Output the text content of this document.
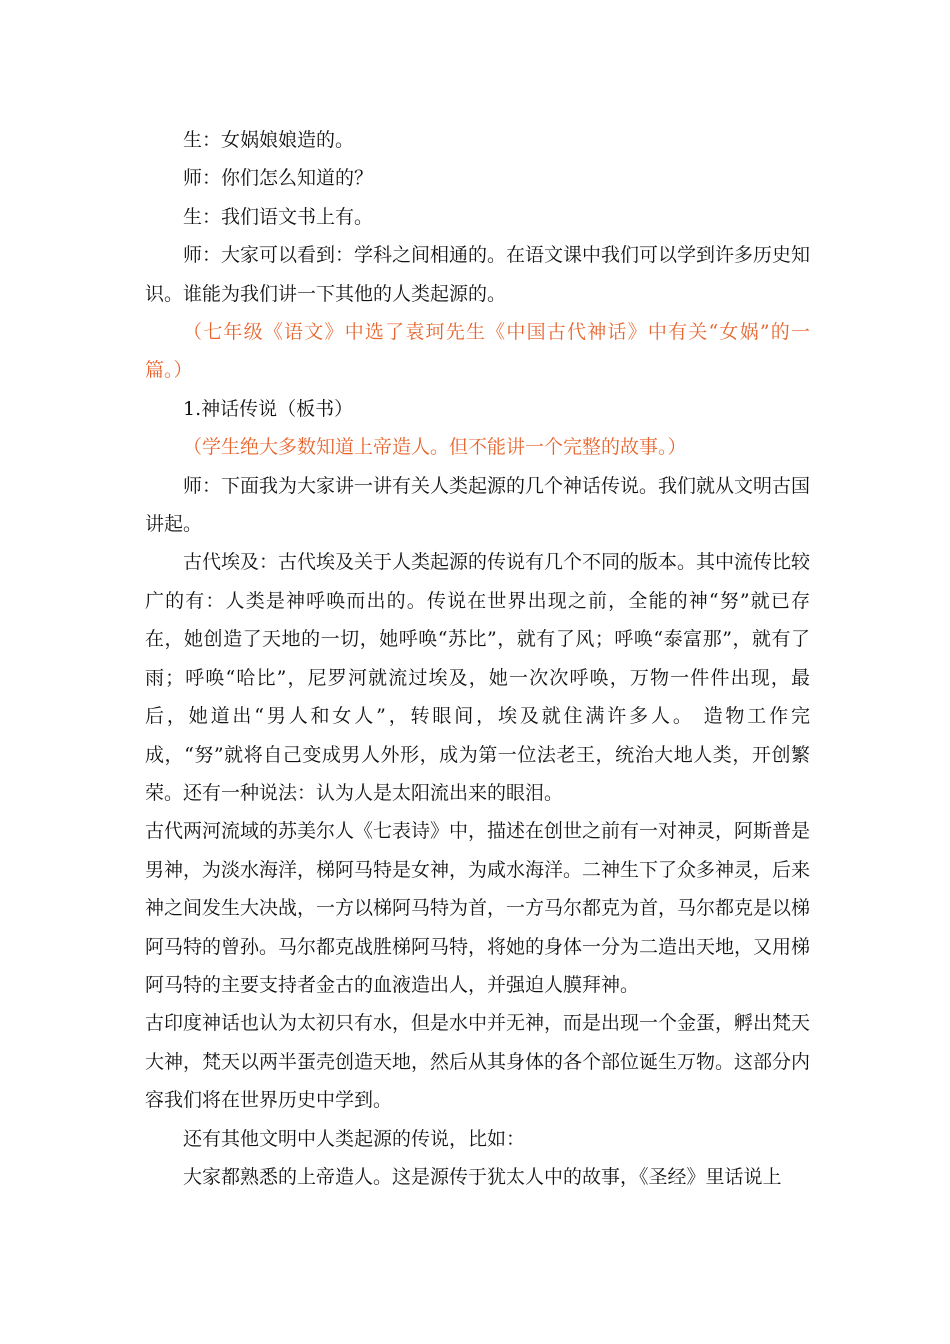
生：女娲娘娘造的。

师：你们怎么知道的？

生：我们语文书上有。

师：大家可以看到：学科之间相通的。在语文课中我们可以学到许多历史知识。谁能为我们讲一下其他的人类起源的。

（七年级《语文》中选了袁珂先生《中国古代神话》中有关“女娲”的一篇。）

1.神话传说（板书）

（学生绝大多数知道上帝造人。但不能讲一个完整的故事。）

师：下面我为大家讲一讲有关人类起源的几个神话传说。我们就从文明古国讲起。

古代埃及：古代埃及关于人类起源的传说有几个不同的版本。其中流传比较广的有：人类是神呼唤而出的。传说在世界出现之前，全能的神“努”就已存在，她创造了天地的一切，她呼唤“苏比”，就有了风；呼唤“泰富那”，就有了雨；呼唤“哈比”，尼罗河就流过埃及，她一次次呼唤，万物一件件出现，最后，她道出“男人和女人”，转眼间，埃及就住满许多人。 造物工作完成，“努”就将自己变成男人外形，成为第一位法老王，统治大地人类，开创繁荣。还有一种说法：认为人是太阳流出来的眼泪。

古代两河流域的苏美尔人《七表诗》中，描述在创世之前有一对神灵，阿斯普是男神，为淡水海洋，梯阿马特是女神，为咸水海洋。二神生下了众多神灵，后来神之间发生大决战，一方以梯阿马特为首，一方马尔都克为首，马尔都克是以梯阿马特的曾孙。马尔都克战胜梯阿马特，将她的身体一分为二造出天地，又用梯阿马特的主要支持者金古的血液造出人，并强迫人膜拜神。

古印度神话也认为太初只有水，但是水中并无神，而是出现一个金蛋，孵出梵天大神，梵天以两半蛋壳创造天地，然后从其身体的各个部位诞生万物。这部分内容我们将在世界历史中学到。

还有其他文明中人类起源的传说，比如：

大家都熟悉的上帝造人。这是源传于犹太人中的故事，《圣经》里话说上
